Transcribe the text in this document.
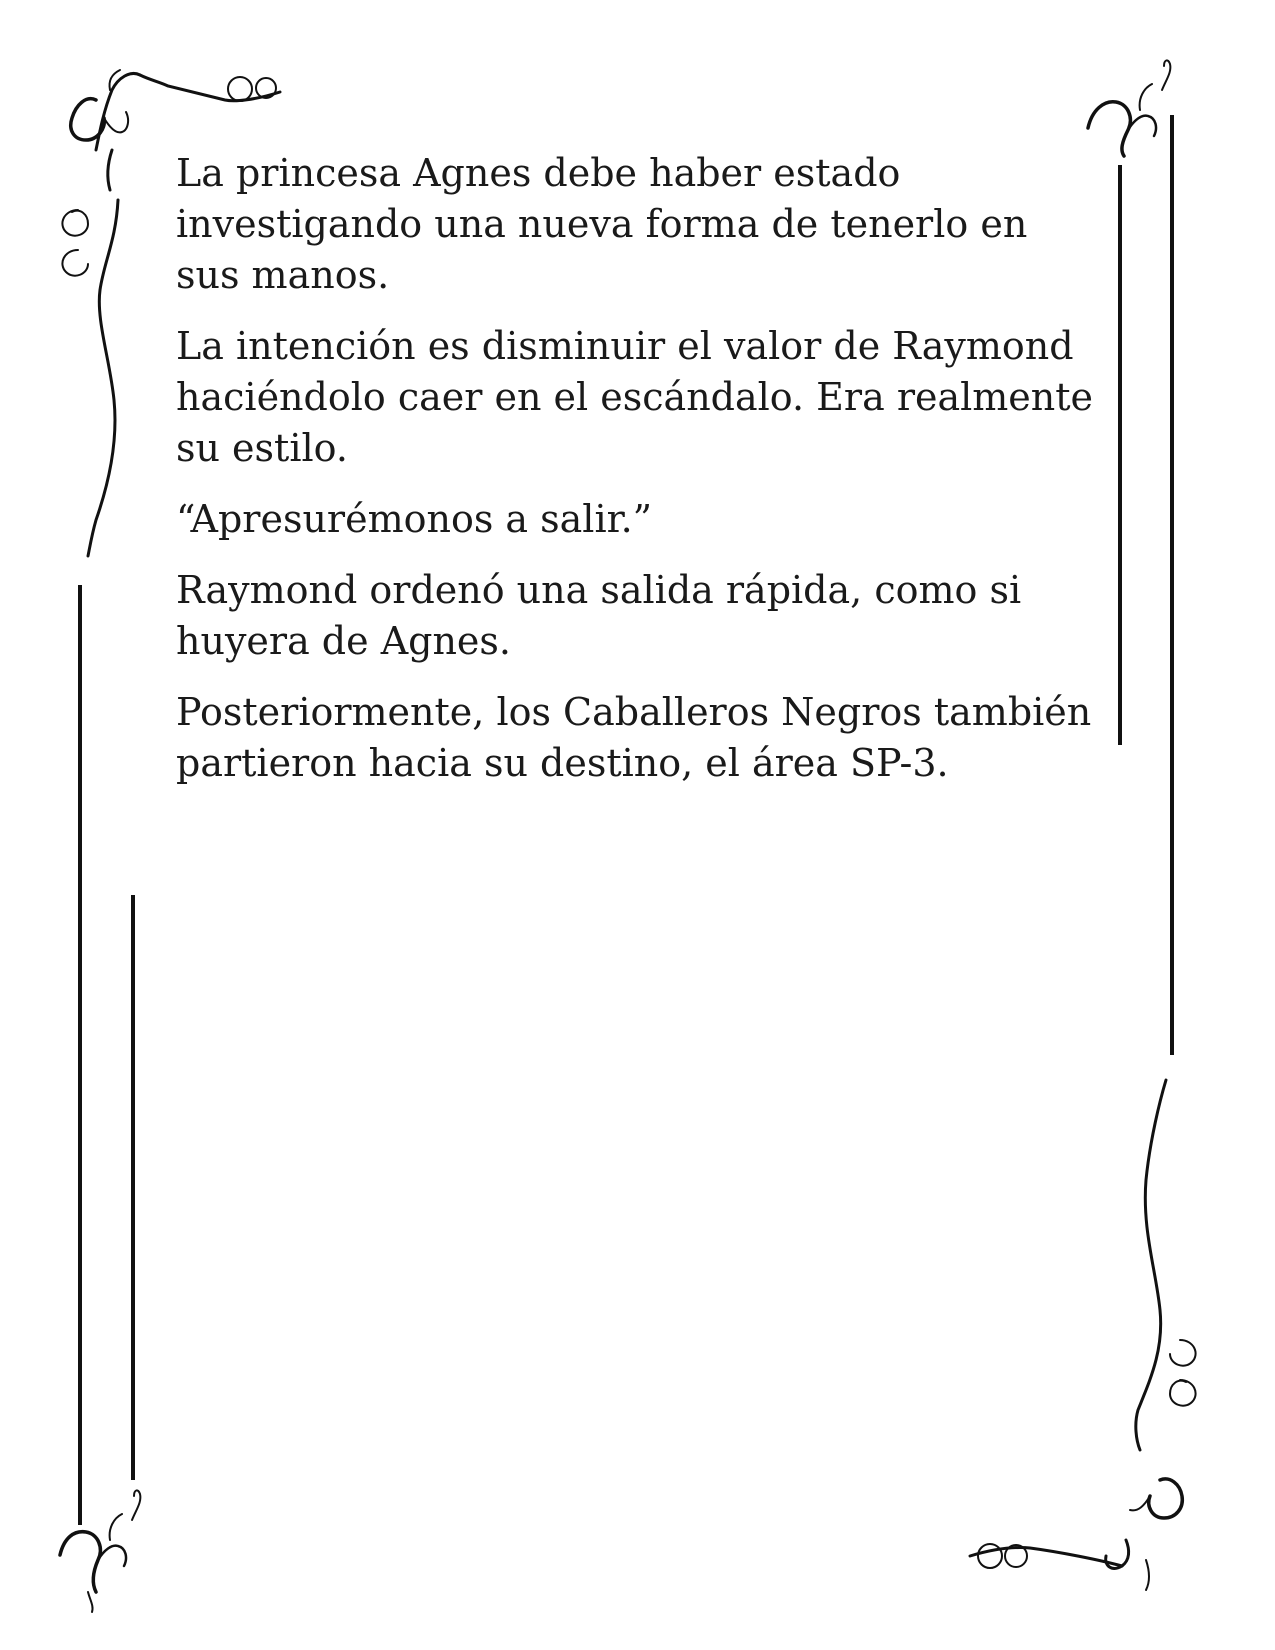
La princesa Agnes debe haber estado investigando una nueva forma de tenerlo en sus manos.

La intención es disminuir el valor de Raymond haciéndolo caer en el escándalo. Era realmente su estilo.

“Apresurémonos a salir.”

Raymond ordenó una salida rápida, como si huyera de Agnes.

Posteriormente, los Caballeros Negros también partieron hacia su destino, el área SP-3.
